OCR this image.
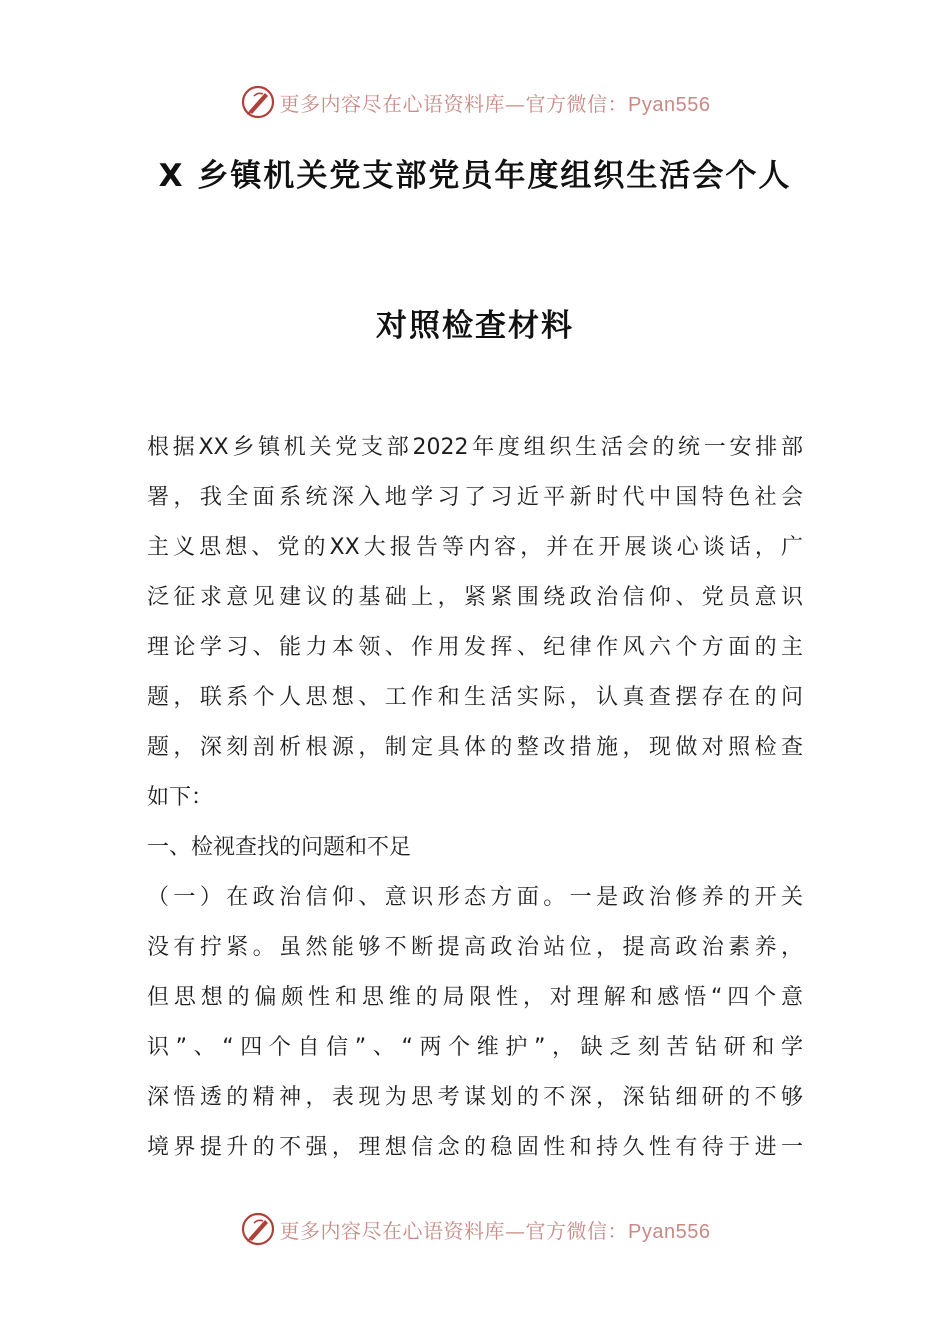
更多内容尽在心语资料库—官方微信：Pyan556
X 乡镇机关党支部党员年度组织生活会个人
对照检查材料
根据XX乡镇机关党支部2022年度组织生活会的统一安排部
署，我全面系统深入地学习了习近平新时代中国特色社会
主义思想、党的XX大报告等内容，并在开展谈心谈话，广
泛征求意见建议的基础上，紧紧围绕政治信仰、党员意识
理论学习、能力本领、作用发挥、纪律作风六个方面的主
题，联系个人思想、工作和生活实际，认真查摆存在的问
题，深刻剖析根源，制定具体的整改措施，现做对照检查
如下：
一、检视查找的问题和不足
（一）在政治信仰、意识形态方面。一是政治修养的开关
没有拧紧。虽然能够不断提高政治站位，提高政治素养，
但思想的偏颇性和思维的局限性，对理解和感悟“四个意
识”、“四个自信”、“两个维护”，缺乏刻苦钻研和学
深悟透的精神，表现为思考谋划的不深，深钻细研的不够
境界提升的不强，理想信念的稳固性和持久性有待于进一
更多内容尽在心语资料库—官方微信：Pyan556
